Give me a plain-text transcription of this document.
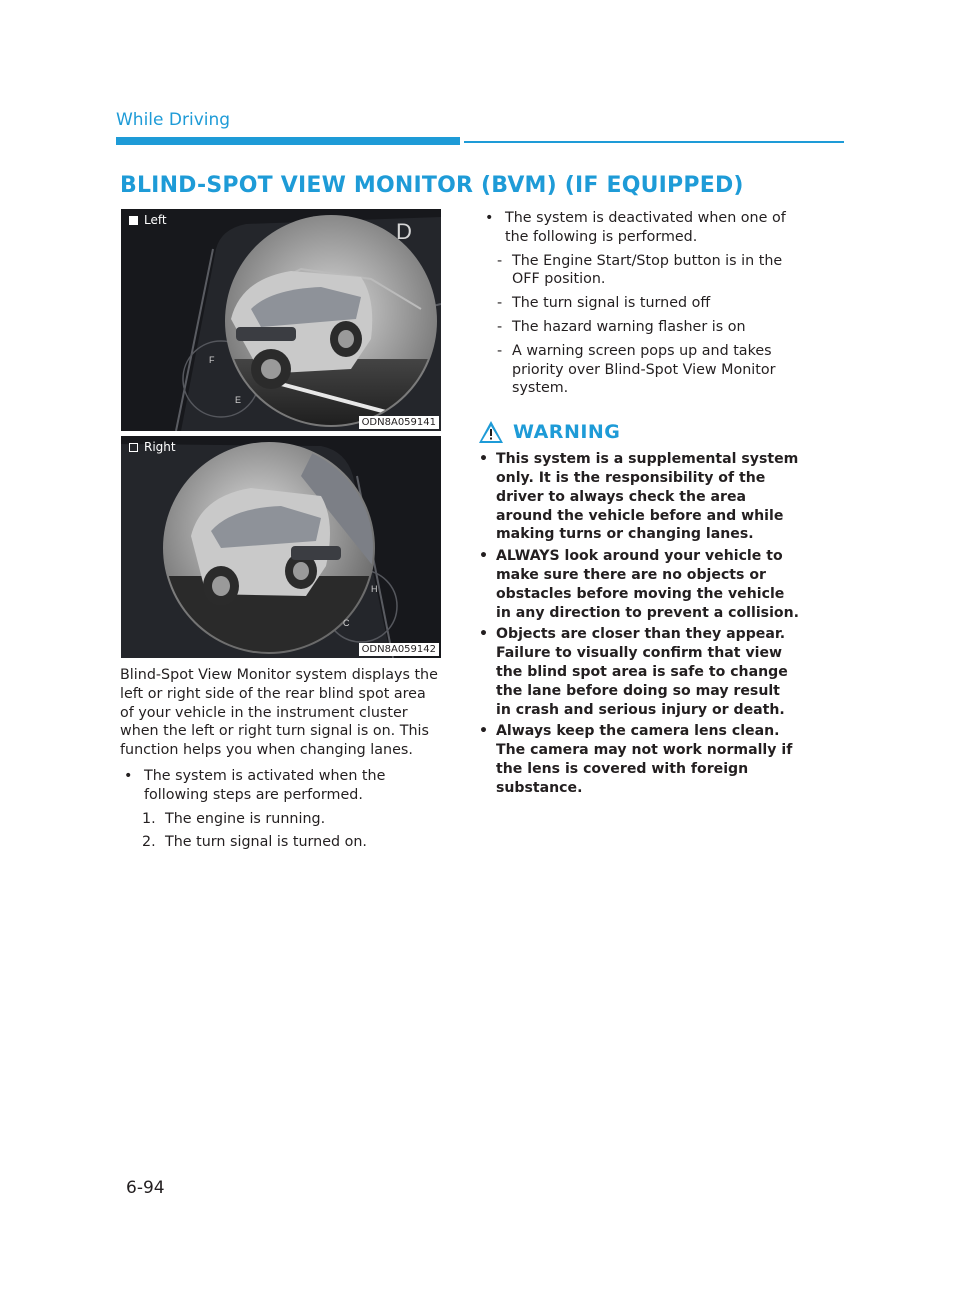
While Driving
BLIND-SPOT VIEW MONITOR (BVM) (IF EQUIPPED)
D
F
E
Left
ODN8A059141
H
C
Right
ODN8A059142

Blind-Spot View Monitor system displays the left or right side of the rear blind spot area of your vehicle in the instrument cluster when the left or right turn signal is on. This function helps you when changing lanes.

• The system is activated when the following steps are performed.
1. The engine is running.
2. The turn signal is turned on.
• The system is deactivated when one of the following is performed.
- The Engine Start/Stop button is in the OFF position.
- The turn signal is turned off
- The hazard warning flasher is on
- A warning screen pops up and takes priority over Blind-Spot View Monitor system.
WARNING
• This system is a supplemental system only. It is the responsibility of the driver to always check the area around the vehicle before and while making turns or changing lanes.
• ALWAYS look around your vehicle to make sure there are no objects or obstacles before moving the vehicle in any direction to prevent a collision.
• Objects are closer than they appear. Failure to visually confirm that view the blind spot area is safe to change the lane before doing so may result in crash and serious injury or death.
• Always keep the camera lens clean. The camera may not work normally if the lens is covered with foreign substance.
6-94
